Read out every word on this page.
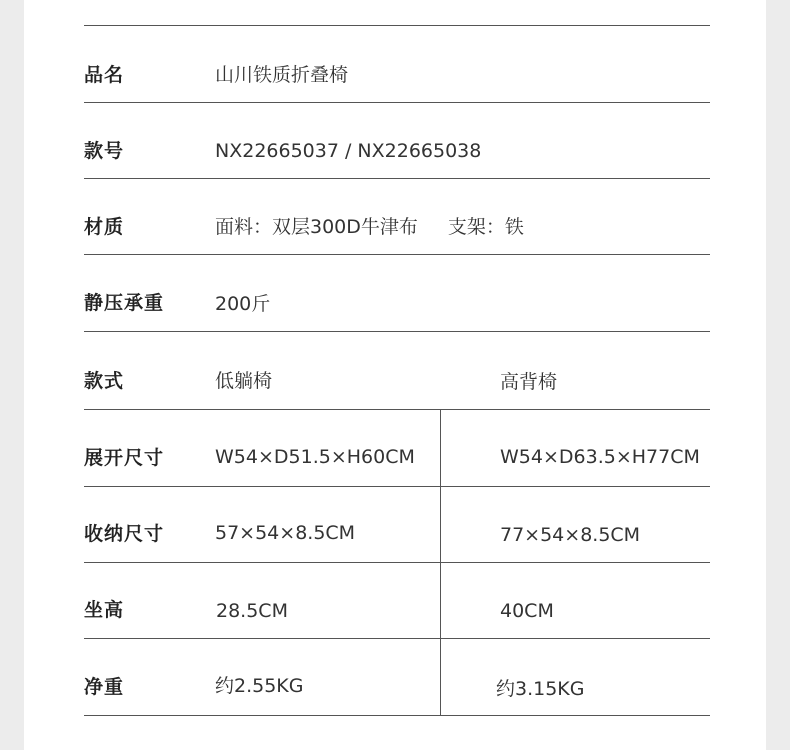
品名	山川铁质折叠椅
款号	NX22665037 / NX22665038
材质	面料：双层300D牛津布 支架：铁
静压承重	200斤
款式	低躺椅	高背椅
展开尺寸	W54×D51.5×H60CM	W54×D63.5×H77CM
收纳尺寸	57×54×8.5CM	77×54×8.5CM
坐高	28.5CM	40CM
净重	约2.55KG	约3.15KG
